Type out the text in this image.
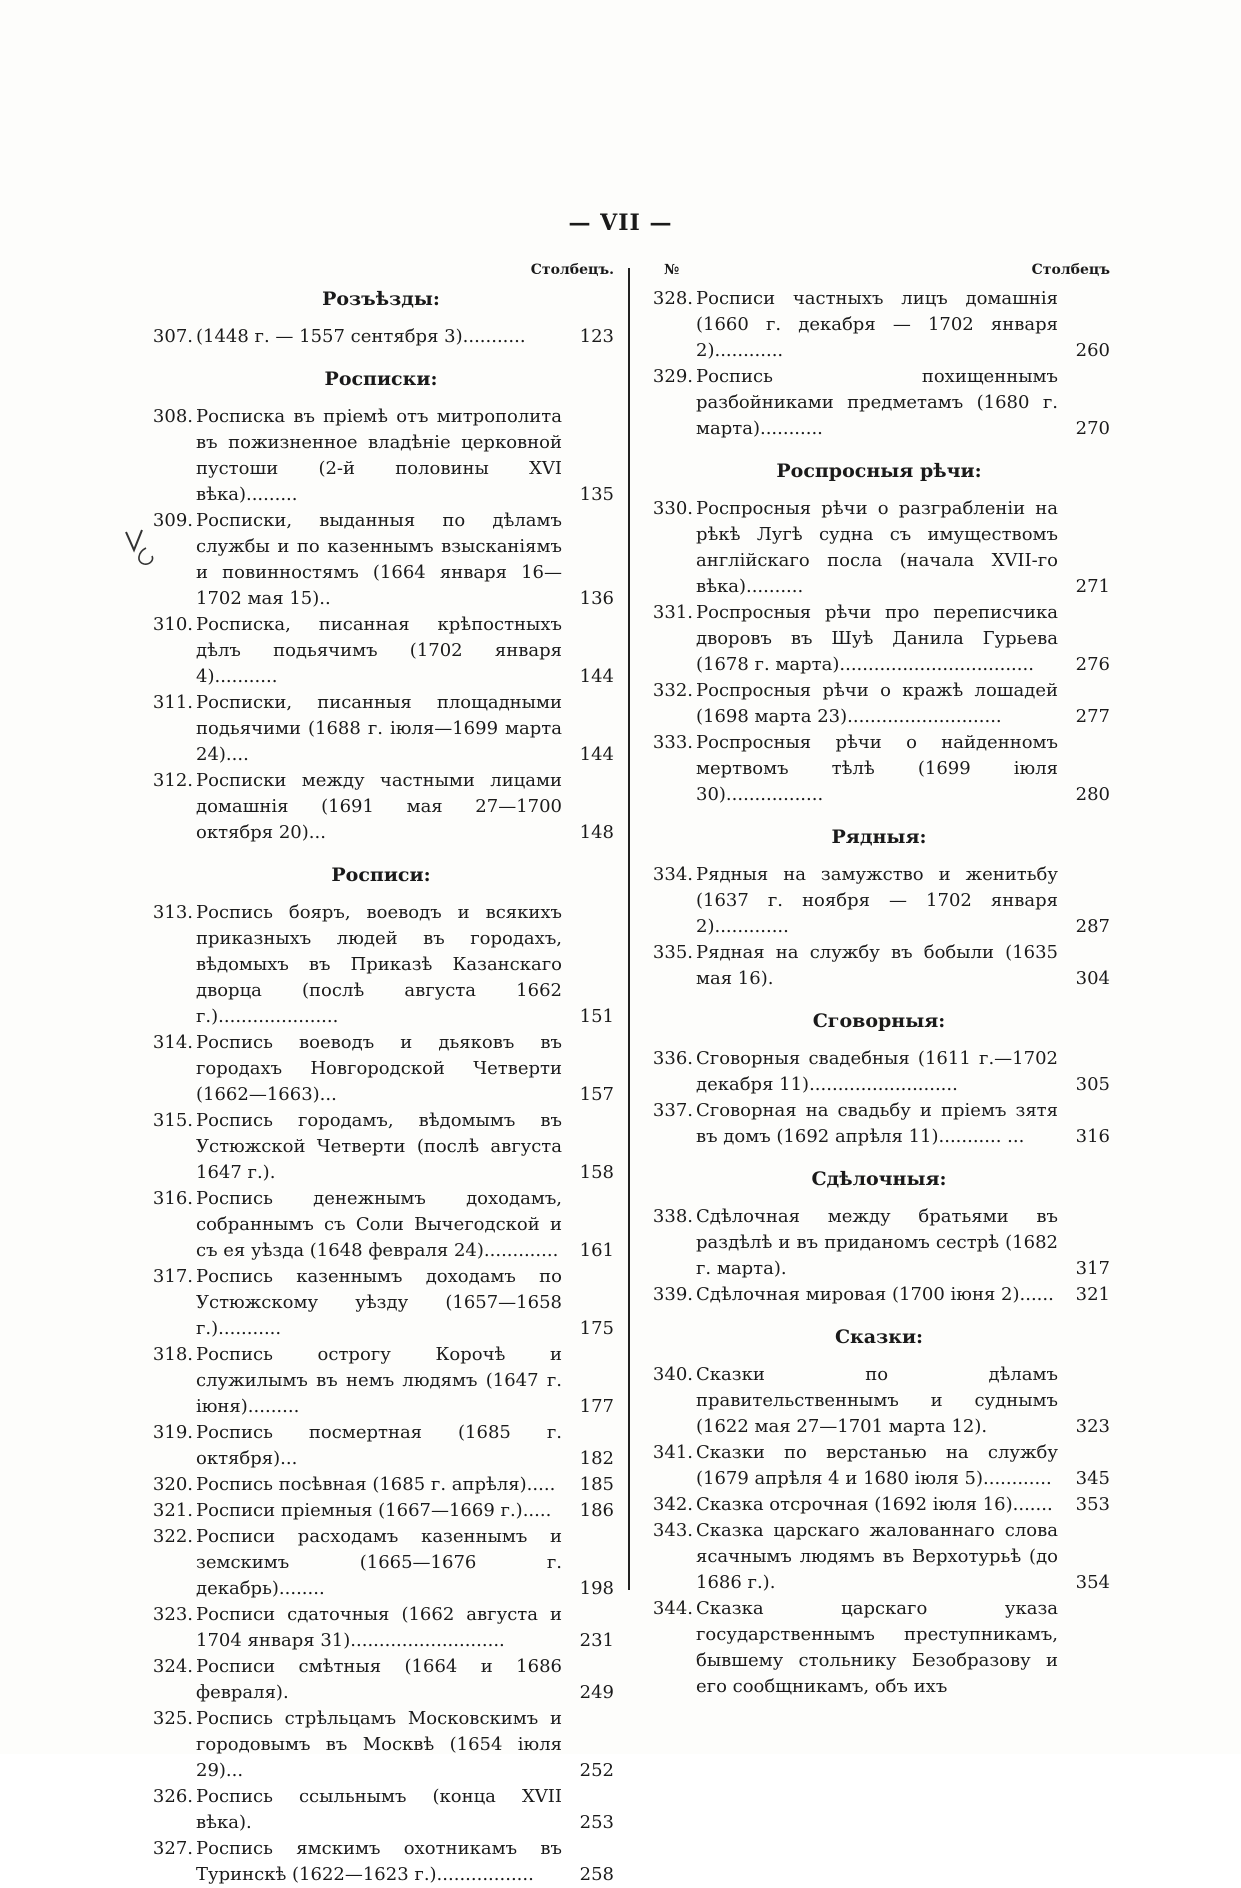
— VII —
Столбецъ.
Розъѣзды:
307. (1448 г. — 1557 сентября 3)...........	123
Росписки:
308. Росписка въ пріемѣ отъ митрополита въ пожизненное владѣніе церковной пустоши (2-й половины XVI вѣка).........	135
309. Росписки, выданныя по дѣламъ службы и по казеннымъ взысканіямъ и повинностямъ (1664 января 16—1702 мая 15)..	136
310. Росписка, писанная крѣпостныхъ дѣлъ подьячимъ (1702 января 4)...........	144
311. Росписки, писанныя площадными подьячими (1688 г. іюля—1699 марта 24)....	144
312. Росписки между частными лицами домашнія (1691 мая 27—1700 октября 20)...	148
Росписи:
313. Роспись бояръ, воеводъ и всякихъ приказныхъ людей въ городахъ, вѣдомыхъ въ Приказѣ Казанскаго дворца (послѣ августа 1662 г.).....................	151
314. Роспись воеводъ и дьяковъ въ городахъ Новгородской Четверти (1662—1663)...	157
315. Роспись городамъ, вѣдомымъ въ Устюжской Четверти (послѣ августа 1647 г.).	158
316. Роспись денежнымъ доходамъ, собраннымъ съ Соли Вычегодской и съ ея уѣзда (1648 февраля 24).............	161
317. Роспись казеннымъ доходамъ по Устюжскому уѣзду (1657—1658 г.)...........	175
318. Роспись острогу Корочѣ и служилымъ въ немъ людямъ (1647 г. іюня).........	177
319. Роспись посмертная (1685 г. октября)...	182
320. Роспись посѣвная (1685 г. апрѣля).....	185
321. Росписи пріемныя (1667—1669 г.).....	186
322. Росписи расходамъ казеннымъ и земскимъ (1665—1676 г. декабрь)........	198
323. Росписи сдаточныя (1662 августа и 1704 января 31)...........................	231
324. Росписи смѣтныя (1664 и 1686 февраля).	249
325. Роспись стрѣльцамъ Московскимъ и городовымъ въ Москвѣ (1654 іюля 29)...	252
326. Роспись ссыльнымъ (конца XVII вѣка).	253
327. Роспись ямскимъ охотникамъ въ Туринскѣ (1622—1623 г.).................	258
№	Столбецъ
328. Росписи частныхъ лицъ домашнія (1660 г. декабря — 1702 января 2)............	260
329. Роспись похищеннымъ разбойниками предметамъ (1680 г. марта)...........	270
Роспросныя рѣчи:
330. Роспросныя рѣчи о разграбленіи на рѣкѣ Лугѣ судна съ имуществомъ англійскаго посла (начала XVII-го вѣка)..........	271
331. Роспросныя рѣчи про переписчика дворовъ въ Шуѣ Данила Гурьева (1678 г. марта)..................................	276
332. Роспросныя рѣчи о кражѣ лошадей (1698 марта 23)...........................	277
333. Роспросныя рѣчи о найденномъ мертвомъ тѣлѣ (1699 іюля 30).................	280
Рядныя:
334. Рядныя на замужство и женитьбу (1637 г. ноября — 1702 января 2).............	287
335. Рядная на службу въ бобыли (1635 мая 16).	304
Сговорныя:
336. Сговорныя свадебныя (1611 г.—1702 декабря 11)..........................	305
337. Сговорная на свадьбу и пріемъ зятя въ домъ (1692 апрѣля 11)........... ...	316
Сдѣлочныя:
338. Сдѣлочная между братьями въ раздѣлѣ и въ приданомъ сестрѣ (1682 г. марта).	317
339. Сдѣлочная мировая (1700 іюня 2)......	321
Сказки:
340. Сказки по дѣламъ правительственнымъ и суднымъ (1622 мая 27—1701 марта 12).	323
341. Сказки по верстанью на службу (1679 апрѣля 4 и 1680 іюля 5)............	345
342. Сказка отсрочная (1692 іюля 16).......	353
343. Сказка царскаго жалованнаго слова ясачнымъ людямъ въ Верхотурьѣ (до 1686 г.).	354
344. Сказка царскаго указа государственнымъ преступникамъ, бывшему стольнику Безобразову и его сообщникамъ, объ ихъ
